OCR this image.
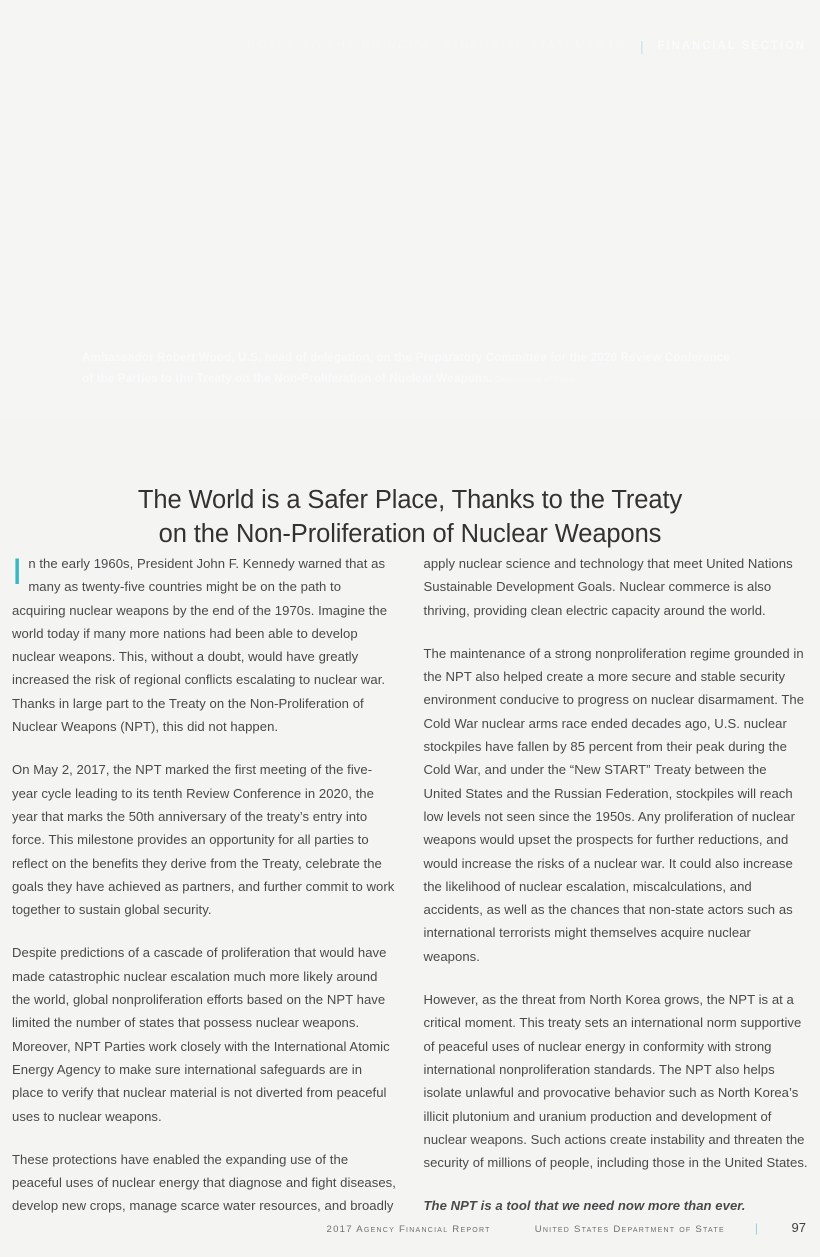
NOTES TO THE PRINCIPAL FINANCIAL STATEMENTS | FINANCIAL SECTION
Ambassador Robert Wood, U.S. head of delegation, on the Preparatory Committee for the 2020 Review Conference of the Parties to the Treaty on the Non-Proliferation of Nuclear Weapons. Department of State
The World is a Safer Place, Thanks to the Treaty
on the Non-Proliferation of Nuclear Weapons

In the early 1960s, President John F. Kennedy warned that as many as twenty-five countries might be on the path to acquiring nuclear weapons by the end of the 1970s. Imagine the world today if many more nations had been able to develop nuclear weapons. This, without a doubt, would have greatly increased the risk of regional conflicts escalating to nuclear war. Thanks in large part to the Treaty on the Non-Proliferation of Nuclear Weapons (NPT), this did not happen.

On May 2, 2017, the NPT marked the first meeting of the five-year cycle leading to its tenth Review Conference in 2020, the year that marks the 50th anniversary of the treaty’s entry into force. This milestone provides an opportunity for all parties to reflect on the benefits they derive from the Treaty, celebrate the goals they have achieved as partners, and further commit to work together to sustain global security.

Despite predictions of a cascade of proliferation that would have made catastrophic nuclear escalation much more likely around the world, global nonproliferation efforts based on the NPT have limited the number of states that possess nuclear weapons. Moreover, NPT Parties work closely with the International Atomic Energy Agency to make sure international safeguards are in place to verify that nuclear material is not diverted from peaceful uses to nuclear weapons.

These protections have enabled the expanding use of the peaceful uses of nuclear energy that diagnose and fight diseases, develop new crops, manage scarce water resources, and broadly

apply nuclear science and technology that meet United Nations Sustainable Development Goals. Nuclear commerce is also thriving, providing clean electric capacity around the world.

The maintenance of a strong nonproliferation regime grounded in the NPT also helped create a more secure and stable security environment conducive to progress on nuclear disarmament. The Cold War nuclear arms race ended decades ago, U.S. nuclear stockpiles have fallen by 85 percent from their peak during the Cold War, and under the “New START” Treaty between the United States and the Russian Federation, stockpiles will reach low levels not seen since the 1950s. Any proliferation of nuclear weapons would upset the prospects for further reductions, and would increase the risks of a nuclear war. It could also increase the likelihood of nuclear escalation, miscalculations, and accidents, as well as the chances that non-state actors such as international terrorists might themselves acquire nuclear weapons.

However, as the threat from North Korea grows, the NPT is at a critical moment. This treaty sets an international norm supportive of peaceful uses of nuclear energy in conformity with strong international nonproliferation standards. The NPT also helps isolate unlawful and provocative behavior such as North Korea’s illicit plutonium and uranium production and development of nuclear weapons. Such actions create instability and threaten the security of millions of people, including those in the United States.

The NPT is a tool that we need now more than ever.

2017 Agency Financial Report	United States Department of State	|	97
